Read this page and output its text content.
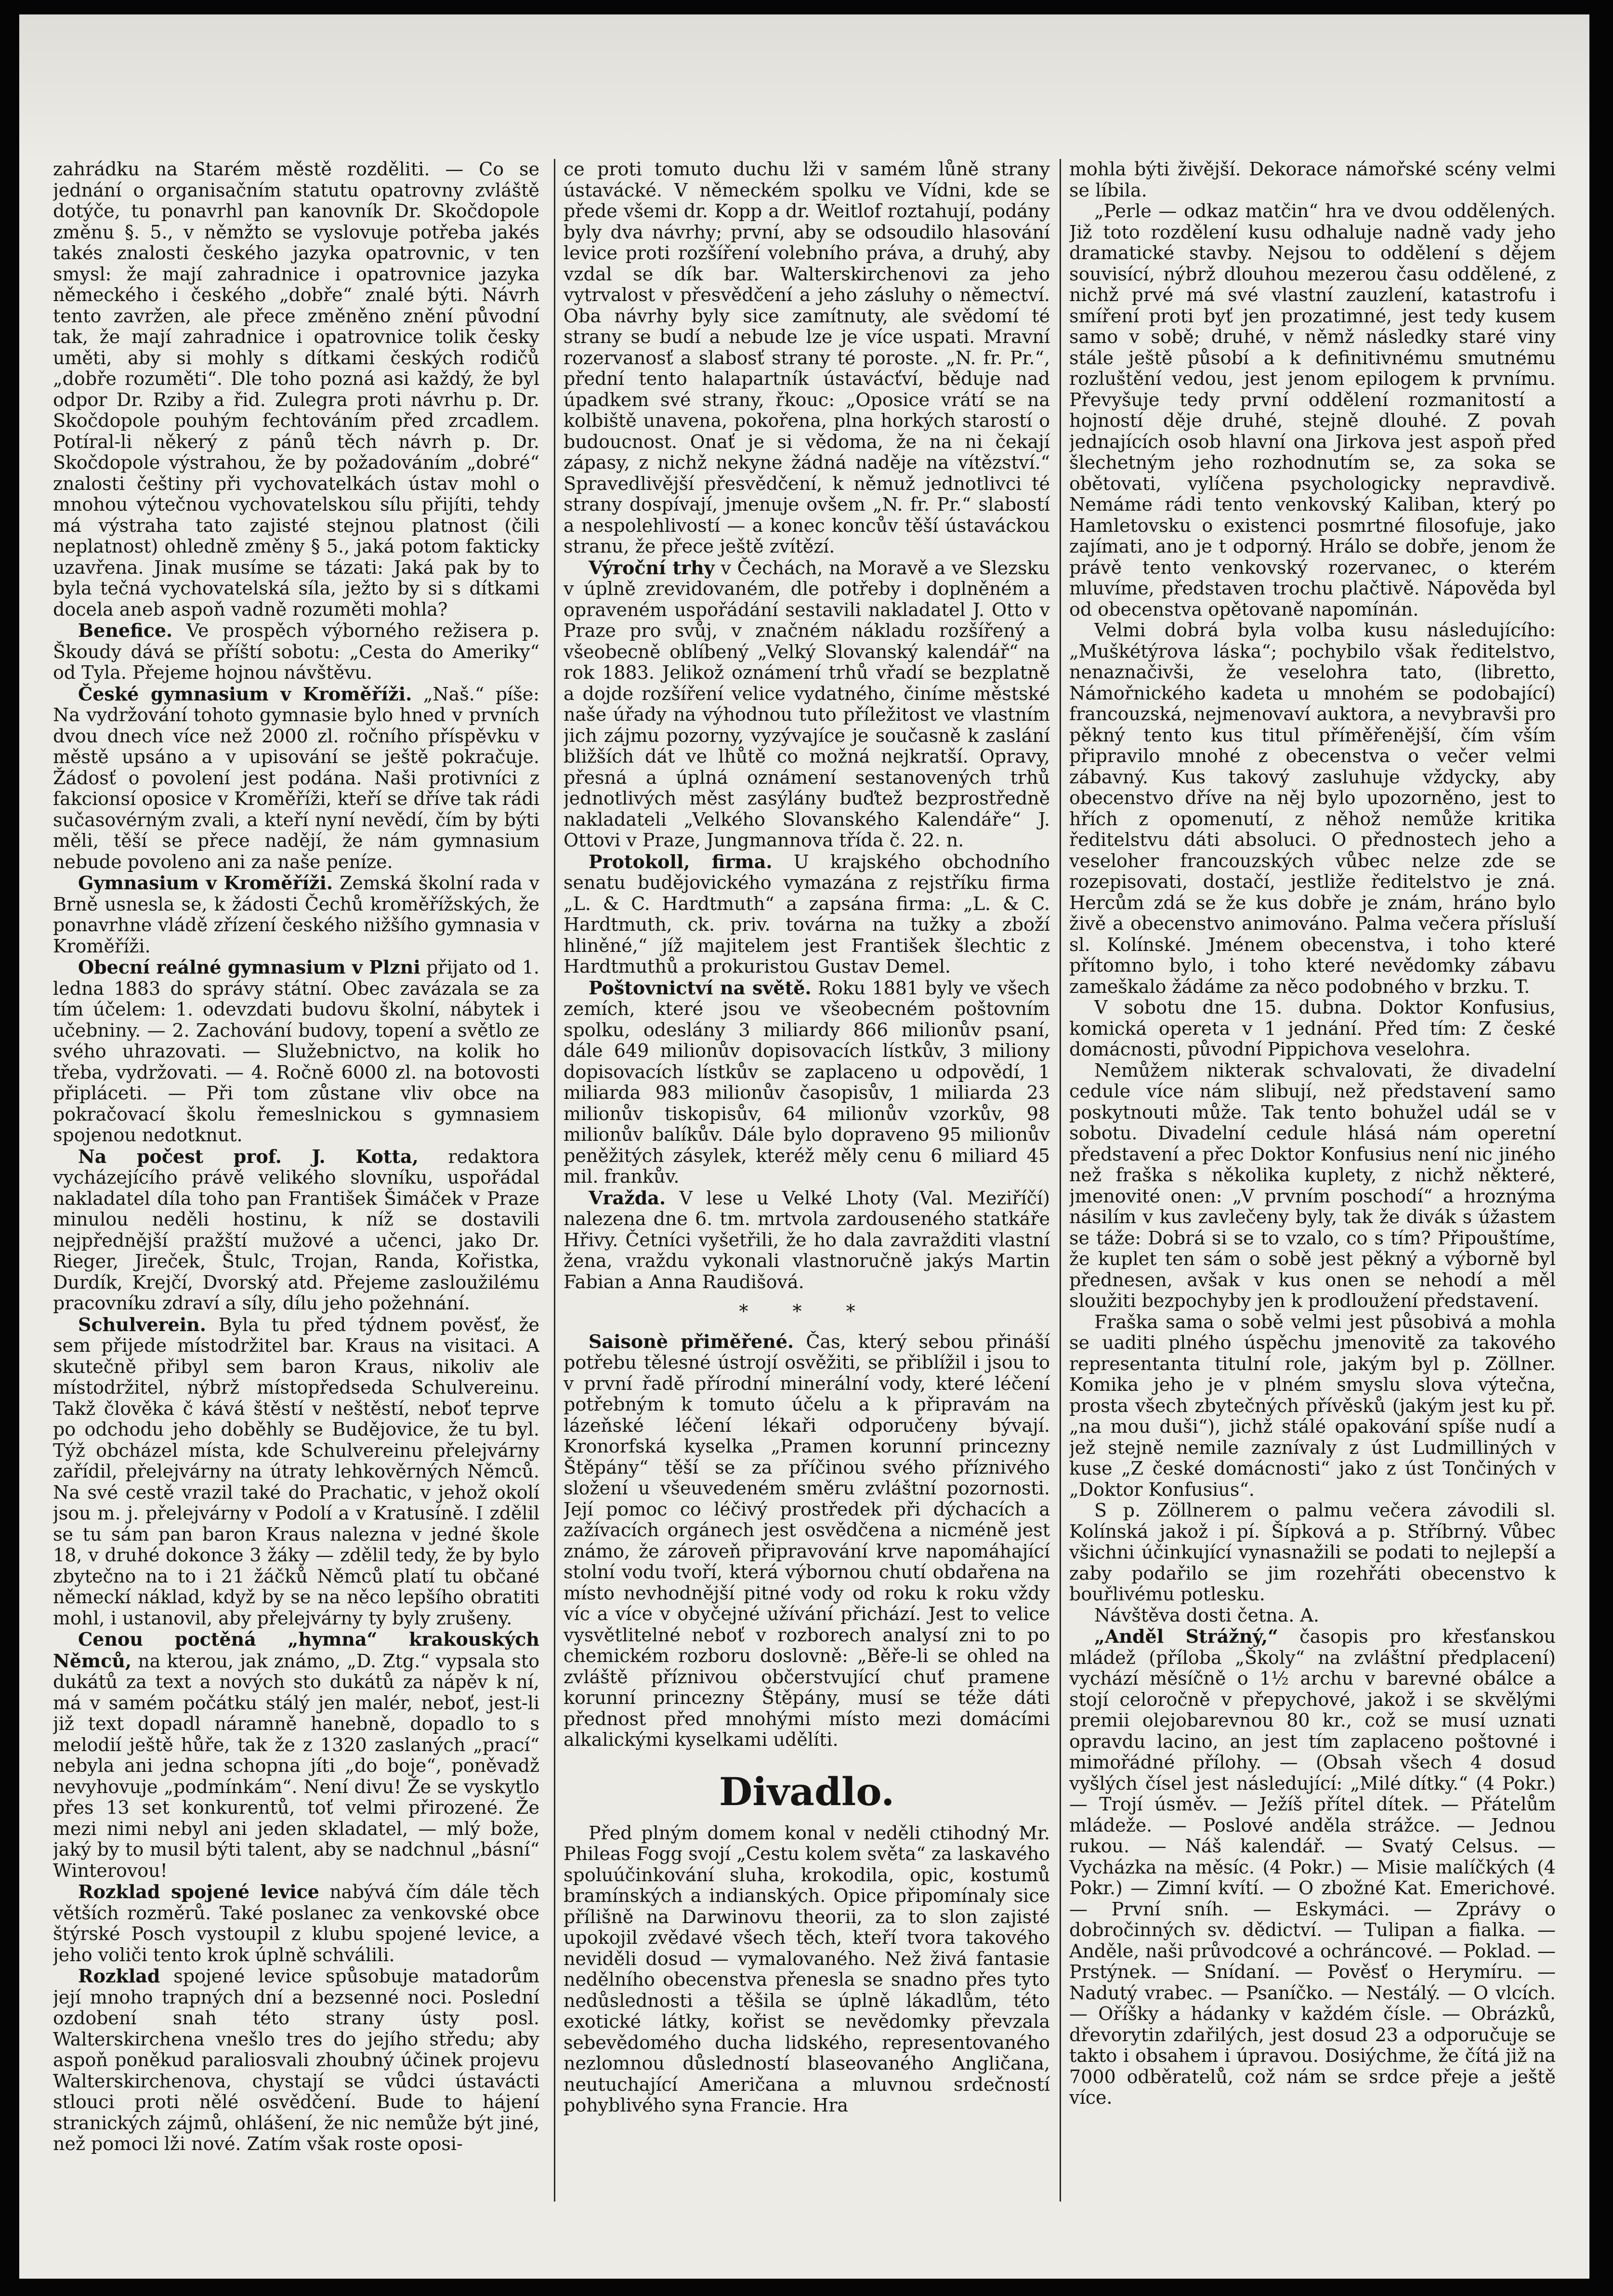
zahrádku na Starém městě rozděliti. — Co se jednání o organisačním statutu opatrovny zvláště dotýče, tu ponavrhl pan kanovník Dr. Skočdopole změnu §. 5., v němžto se vyslovuje potřeba jakés takés znalosti českého jazyka opatrovnic, v ten smysl: že mají zahradnice i opatrovnice jazyka německého i českého „dobře“ znalé býti. Návrh tento zavržen, ale přece změněno znění původní tak, že mají zahradnice i opatrovnice tolik česky uměti, aby si mohly s dítkami českých rodičů „dobře rozuměti“. Dle toho pozná asi každý, že byl odpor Dr. Rziby a řid. Zulegra proti návrhu p. Dr. Skočdopole pouhým fechtováním před zrcadlem. Potíral-li někerý z pánů těch návrh p. Dr. Skočdopole výstrahou, že by požadováním „dobré“ znalosti češtiny při vychovatelkách ústav mohl o mnohou výtečnou vychovatelskou sílu přijíti, tehdy má výstraha tato zajisté stejnou platnost (čili neplatnost) ohledně změny § 5., jaká potom fakticky uzavřena. Jinak musíme se tázati: Jaká pak by to byla tečná vychovatelská síla, ježto by si s dítkami docela aneb aspoň vadně rozuměti mohla?

Benefice. Ve prospěch výborného režisera p. Škoudy dává se příští sobotu: „Cesta do Ameriky“ od Tyla. Přejeme hojnou návštěvu.

České gymnasium v Kroměříži. „Naš.“ píše: Na vydržování tohoto gymnasie bylo hned v prvních dvou dnech více než 2000 zl. ročního příspěvku v městě upsáno a v upisování se ještě pokračuje. Žádosť o povolení jest podána. Naši protivníci z fakcionsí oposice v Kroměříži, kteří se dříve tak rádi sučasovérným zvali, a kteří nyní nevědí, čím by býti měli, těší se přece nadějí, že nám gymnasium nebude povoleno ani za naše peníze.

Gymnasium v Kroměříži. Zemská školní rada v Brně usnesla se, k žádosti Čechů kroměřížských, že ponavrhne vládě zřízení českého nižšího gymnasia v Kroměříži.

Obecní reálné gymnasium v Plzni přijato od 1. ledna 1883 do správy státní. Obec zavázala se za tím účelem: 1. odevzdati budovu školní, nábytek i učebniny. — 2. Zachování budovy, topení a světlo ze svého uhrazovati. — Služebnictvo, na kolik ho třeba, vydržovati. — 4. Ročně 6000 zl. na botovosti připláceti. — Při tom zůstane vliv obce na pokračovací školu řemeslnickou s gymnasiem spojenou nedotknut.

Na počest prof. J. Kotta, redaktora vycházejícího právě velikého slovníku, uspořádal nakladatel díla toho pan František Šimáček v Praze minulou neděli hostinu, k níž se dostavili nejpřednější pražští mužové a učenci, jako Dr. Rieger, Jireček, Štulc, Trojan, Randa, Kořistka, Durdík, Krejčí, Dvorský atd. Přejeme zasloužilému pracovníku zdraví a síly, dílu jeho požehnání.

Schulverein. Byla tu před týdnem pověsť, že sem přijede místodržitel bar. Kraus na visitaci. A skutečně přibyl sem baron Kraus, nikoliv ale místodržitel, nýbrž místopředseda Schulvereinu. Takž člověka č kává štěstí v neštěstí, neboť teprve po odchodu jeho doběhly se Budějovice, že tu byl. Týž obcházel místa, kde Schulvereinu přelejvárny zařídil, přelejvárny na útraty lehkověrných Němců. Na své cestě vrazil také do Prachatic, v jehož okolí jsou m. j. přelejvárny v Podolí a v Kratusíně. I zdělil se tu sám pan baron Kraus nalezna v jedné škole 18, v druhé dokonce 3 žáky — zdělil tedy, že by bylo zbytečno na to i 21 žáčků Němců platí tu občané německí náklad, když by se na něco lepšího obratiti mohl, i ustanovil, aby přelejvárny ty byly zrušeny.

Cenou poctěná „hymna“ krakouských Němců, na kterou, jak známo, „D. Ztg.“ vypsala sto dukátů za text a nových sto dukátů za nápěv k ní, má v samém počátku stálý jen malér, neboť, jest-li již text dopadl náramně hanebně, dopadlo to s melodií ještě hůře, tak že z 1320 zaslaných „prací“ nebyla ani jedna schopna jíti „do boje“, poněvadž nevyhovuje „podmínkám“. Není divu! Že se vyskytlo přes 13 set konkurentů, toť velmi přirozené. Že mezi nimi nebyl ani jeden skladatel, — mlý bože, jaký by to musil býti talent, aby se nadchnul „básní“ Winterovou!

Rozklad spojené levice nabývá čím dále těch větších rozměrů. Také poslanec za venkovské obce štýrské Posch vystoupil z klubu spojené levice, a jeho voliči tento krok úplně schválili.

Rozklad spojené levice spůsobuje matadorům její mnoho trapných dní a bezsenné noci. Poslední ozdobení snah této strany ústy posl. Walterskirchena vnešlo tres do jejího středu; aby aspoň poněkud paraliosvali zhoubný účinek projevu Walterskirchenova, chystají se vůdci ústavácti stlouci proti nělé osvědčení. Bude to hájení stranických zájmů, ohlášení, že nic nemůže být jiné, než pomoci lži nové. Zatím však roste oposi-

ce proti tomuto duchu lži v samém lůně strany ústavácké. V německém spolku ve Vídni, kde se přede všemi dr. Kopp a dr. Weitlof roztahují, podány byly dva návrhy; první, aby se odsoudilo hlasování levice proti rozšíření volebního práva, a druhý, aby vzdal se dík bar. Walterskirchenovi za jeho vytrvalost v přesvědčení a jeho zásluhy o němectví. Oba návrhy byly sice zamítnuty, ale svědomí té strany se budí a nebude lze je více uspati. Mravní rozervanosť a slabosť strany té poroste. „N. fr. Pr.“, přední tento halapartník ústavácťví, běduje nad úpadkem své strany, řkouc: „Oposice vrátí se na kolbiště unavena, pokořena, plna horkých starostí o budoucnost. Onať je si vědoma, že na ni čekají zápasy, z nichž nekyne žádná naděje na vítězství.“ Spravedlivější přesvědčení, k němuž jednotlivci té strany dospívají, jmenuje ovšem „N. fr. Pr.“ slabostí a nespolehlivostí — a konec koncův těší ústaváckou stranu, že přece ještě zvítězí.

Výroční trhy v Čechách, na Moravě a ve Slezsku v úplně zrevidovaném, dle potřeby i doplněném a opraveném uspořádání sestavili nakladatel J. Otto v Praze pro svůj, v značném nákladu rozšířený a všeobecně oblíbený „Velký Slovanský kalendář“ na rok 1883. Jelikož oznámení trhů vřadí se bezplatně a dojde rozšíření velice vydatného, činíme městské naše úřady na výhodnou tuto příležitost ve vlastním jich zájmu pozorny, vyzývajíce je současně k zaslání bližších dát ve lhůtě co možná nejkratší. Opravy, přesná a úplná oznámení sestanovených trhů jednotlivých měst zasýlány buďtež bezprostředně nakladateli „Velkého Slovanského Kalendáře“ J. Ottovi v Praze, Jungmannova třída č. 22. n.

Protokoll, firma. U krajského obchodního senatu budějovického vymazána z rejstříku firma „L. & C. Hardtmuth“ a zapsána firma: „L. & C. Hardtmuth, ck. priv. továrna na tužky a zboží hliněné,“ jíž majitelem jest František šlechtic z Hardtmuthů a prokuristou Gustav Demel.

Poštovnictví na světě. Roku 1881 byly ve všech zemích, které jsou ve všeobecném poštovním spolku, odeslány 3 miliardy 866 milionův psaní, dále 649 milionův dopisovacích lístkův, 3 miliony dopisovacích lístkův se zaplaceno u odpovědí, 1 miliarda 983 milionův časopisův, 1 miliarda 23 milionův tiskopisův, 64 milionův vzorkův, 98 milionův balíkův. Dále bylo dopraveno 95 milionův peněžitých zásylek, kteréž měly cenu 6 miliard 45 mil. frankův.

Vražda. V lese u Velké Lhoty (Val. Meziříčí) nalezena dne 6. tm. mrtvola zardouseného statkáře Hřivy. Četníci vyšetřili, že ho dala zavražditi vlastní žena, vraždu vykonali vlastnoručně jakýs Martin Fabian a Anna Raudišová.

* * *

Saisonè přiměřené. Čas, který sebou přináší potřebu tělesné ústrojí osvěžiti, se přiblížil i jsou to v první řadě přírodní minerální vody, které léčení potřebným k tomuto účelu a k připravám na lázeňské léčení lékaři odporučeny bývají. Kronorfská kyselka „Pramen korunní princezny Štěpány“ těší se za příčinou svého příznivého složení u všeuvedeném směru zvláštní pozornosti. Její pomoc co léčivý prostředek při dýchacích a zažívacích orgánech jest osvědčena a nicméně jest známo, že zároveň připravování krve napomáhající stolní vodu tvoří, která výbornou chutí obdařena na místo nevhodnější pitné vody od roku k roku vždy víc a více v obyčejné užívání přichází. Jest to velice vysvětlitelné neboť v rozborech analysí zni to po chemickém rozboru doslovně: „Běře-li se ohled na zvláště příznivou občerstvující chuť pramene korunní princezny Štěpány, musí se téže dáti přednost před mnohými místo mezi domácími alkalickými kyselkami udělíti.

Divadlo.

Před plným domem konal v neděli ctihodný Mr. Phileas Fogg svojí „Cestu kolem světa“ za laskavého spoluúčinkování sluha, krokodila, opic, kostumů bramínských a indianských. Opice připomínaly sice přílišně na Darwinovu theorii, za to slon zajisté upokojil zvědavé všech těch, kteří tvora takového neviděli dosud — vymalovaného. Než živá fantasie nedělního obecenstva přenesla se snadno přes tyto nedůslednosti a těšila se úplně lákadlům, této exotické látky, kořist se nevědomky převzala sebevědomého ducha lidského, representovaného nezlomnou důsledností blaseovaného Angličana, neutuchající Američana a mluvnou srdečností pohyblivého syna Francie. Hra

mohla býti živější. Dekorace námořské scény velmi se líbila.

„Perle — odkaz matčin“ hra ve dvou oddělených. Již toto rozdělení kusu odhaluje nadně vady jeho dramatické stavby. Nejsou to oddělení s dějem souvisící, nýbrž dlouhou mezerou času oddělené, z nichž prvé má své vlastní zauzlení, katastrofu i smíření proti byť jen prozatimné, jest tedy kusem samo v sobě; druhé, v němž následky staré viny stále ještě působí a k definitivnému smutnému rozluštění vedou, jest jenom epilogem k prvnímu. Převyšuje tedy první oddělení rozmanitostí a hojností děje druhé, stejně dlouhé. Z povah jednajících osob hlavní ona Jirkova jest aspoň před šlechetným jeho rozhodnutím se, za soka se obětovati, vylíčena psychologicky nepravdivě. Nemáme rádi tento venkovský Kaliban, který po Hamletovsku o existenci posmrtné filosofuje, jako zajímati, ano je t odporný. Hrálo se dobře, jenom že právě tento venkovský rozervanec, o kterém mluvíme, představen trochu plačtivě. Nápověda byl od obecenstva opětovaně napomínán.

Velmi dobrá byla volba kusu následujícího: „Muškétýrova láska“; pochybilo však ředitelstvo, nenaznačivši, že veselohra tato, (libretto, Námořnického kadeta u mnohém se podobající) francouzská, nejmenovaví auktora, a nevybravši pro pěkný tento kus titul příměřenější, čím vším připravilo mnohé z obecenstva o večer velmi zábavný. Kus takový zasluhuje vždycky, aby obecenstvo dříve na něj bylo upozorněno, jest to hřích z opomenutí, z něhož nemůže kritika ředitelstvu dáti absoluci. O přednostech jeho a veseloher francouzských vůbec nelze zde se rozepisovati, dostačí, jestliže ředitelstvo je zná. Hercům zdá se že kus dobře je znám, hráno bylo živě a obecenstvo animováno. Palma večera přísluší sl. Kolínské. Jménem obecenstva, i toho které přítomno bylo, i toho které nevědomky zábavu zameškalo žádáme za něco podobného v brzku. T.

V sobotu dne 15. dubna. Doktor Konfusius, komická opereta v 1 jednání. Před tím: Z české domácnosti, původní Pippichova veselohra.

Nemůžem nikterak schvalovati, že divadelní cedule více nám slibují, než představení samo poskytnouti může. Tak tento bohužel udál se v sobotu. Divadelní cedule hlásá nám operetní představení a přec Doktor Konfusius není nic jiného než fraška s několika kuplety, z nichž některé, jmenovité onen: „V prvním poschodí“ a hroznýma násilím v kus zavlečeny byly, tak že divák s úžastem se táže: Dobrá si se to vzalo, co s tím? Připouštíme, že kuplet ten sám o sobě jest pěkný a výborně byl přednesen, avšak v kus onen se nehodí a měl sloužiti bezpochyby jen k prodloužení představení.

Fraška sama o sobě velmi jest působivá a mohla se uaditi plného úspěchu jmenovitě za takového representanta titulní role, jakým byl p. Zöllner. Komika jeho je v plném smyslu slova výtečna, prosta všech zbytečných přívěsků (jakým jest ku př. „na mou duši“), jichž stálé opakování spíše nudí a jež stejně nemile zaznívaly z úst Ludmilliných v kuse „Z české domácnosti“ jako z úst Tončiných v „Doktor Konfusius“.

S p. Zöllnerem o palmu večera závodili sl. Kolínská jakož i pí. Šípková a p. Stříbrný. Vůbec všichni účinkující vynasnažili se podati to nejlepší a zaby podařilo se jim rozehřáti obecenstvo k bouřlivému potlesku.

Návštěva dosti četna. A.

„Anděl Strážný,“ časopis pro křesťanskou mládež (příloba „Školy“ na zvláštní předplacení) vychází měsíčně o 1½ archu v barevné obálce a stojí celoročně v přepychové, jakož i se skvělými premii olejobarevnou 80 kr., což se musí uznati opravdu lacino, an jest tím zaplaceno poštovné i mimořádné přílohy. — (Obsah všech 4 dosud vyšlých čísel jest následující: „Milé dítky.“ (4 Pokr.) — Trojí úsměv. — Ježíš přítel dítek. — Přátelům mládeže. — Poslové anděla strážce. — Jednou rukou. — Náš kalendář. — Svatý Celsus. — Vycházka na měsíc. (4 Pokr.) — Misie malíčkých (4 Pokr.) — Zimní kvítí. — O zbožné Kat. Emerichové. — První sníh. — Eskymáci. — Zprávy o dobročinných sv. dědictví. — Tulipan a fialka. — Anděle, naši průvodcové a ochráncové. — Poklad. — Prstýnek. — Snídaní. — Pověsť o Herymíru. — Nadutý vrabec. — Psaníčko. — Nestálý. — O vlcích. — Oříšky a hádanky v každém čísle. — Obrázků, dřevorytin zdařilých, jest dosud 23 a odporučuje se takto i obsahem i úpravou. Dosiýchme, že čítá již na 7000 odběratelů, což nám se srdce přeje a ještě více.
